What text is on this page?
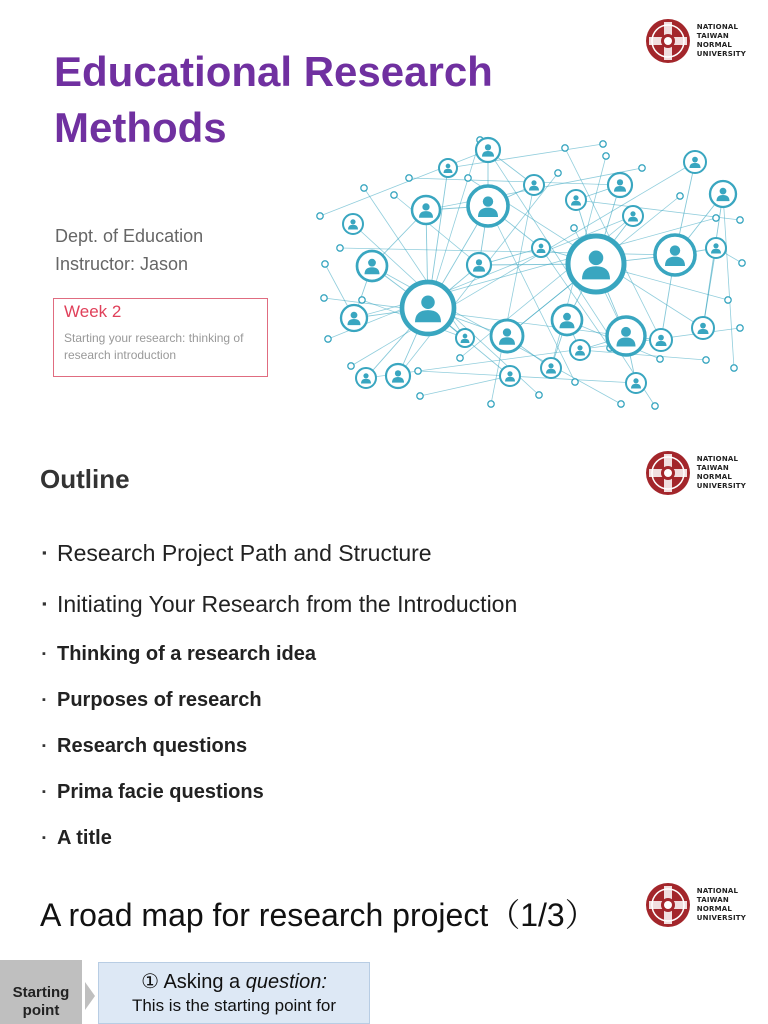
NATIONAL
TAIWAN
NORMAL
UNIVERSITY
Educational Research Methods
Dept. of Education
Instructor: Jason
Week 2
Starting your research: thinking of research introduction
NATIONAL
TAIWAN
NORMAL
UNIVERSITY
Outline
▪ Research Project Path and Structure
▪ Initiating Your Research from the Introduction
▪ Thinking of a research idea
▪ Purposes of research
▪ Research questions
▪ Prima facie questions
▪ A title
NATIONAL
TAIWAN
NORMAL
UNIVERSITY
A road map for research project（1/3）
Starting
point
① Asking a question:
This is the starting point for
